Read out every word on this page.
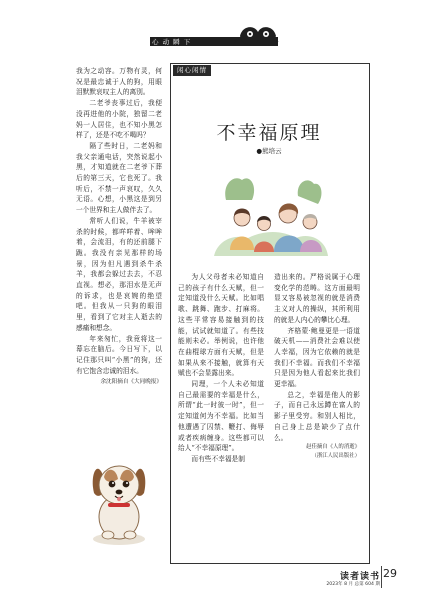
心 动 瞬 下

我为之动容。万物有灵，何况是最忠诚于人的狗，用眼泪默默哀叹主人的离别。

二老爷丧事过后，我便没再进他的小院，独留二老妈一人居住，也不知小黑怎样了，还是不吃不喝吗？

隔了些时日，二老妈和我父亲通电话，突然说起小黑，才知道就在二老爷下葬后的第三天，它也死了。我听后，不禁一声哀叹，久久无语。心想，小黑这是到另一个世界和主人做伴去了。

常听人们说，牛羊被宰杀的时候，都咩咩着、哞哞着，会流泪，有的还前腿下跪。我没有亲见那样的场景，因为但凡遇到杀牛杀羊，我都会躲过去去，不忍直视。想必，那泪水是无声的诉求，也是哀婉的绝望吧。但我从一只狗的眼泪里，看到了它对主人逝去的感痛和想念。

年来匆忙，我竟将这一幕忘在脑后。今日写下，以记住那只叫“小黑”的狗，还有它饱含忠诚的泪水。

余沈阳摘自《大同晚报》
闲心闲情
不幸福原理
●熊培云

为人父母者未必知道自己的孩子有什么天赋，但一定知道没什么天赋。比如唱歌、跳舞、跑步、打麻将。这些平常容易接触到的技能，试试就知道了。有些技能则未必。举例说，也许他在曲棍球方面有天赋，但是如果从来不接触，就算有天赋也不会显露出来。

同理，一个人未必知道自己最需要的幸福是什么，所谓“此一时彼一时”，但一定知道何为不幸福。比如当他遭遇了囚禁、鞭打、侮辱或者疾病缠身。这些都可以给人“不幸福原理”。

而有些不幸福是制

造出来的。严格说属于心理变化学的范畴。这方面最明显又容易被忽视的就是消费主义对人的操纵，其所利用的就是人内心的攀比心理。

齐格蒙·鲍曼更是一语道破天机——消费社会难以使人幸福，因为它依赖的就是我们不幸福。而我们不幸福只是因为他人看起来比我们更幸福。

总之，幸福是他人的影子，而自己永远蹲在富人的影子里受穷。和别人相比，自己身上总是缺少了点什么。

赵佳摘自《人的消逝》
（浙江人民出版社）
读者读书
2023年 8 月 总第 604 期
29
